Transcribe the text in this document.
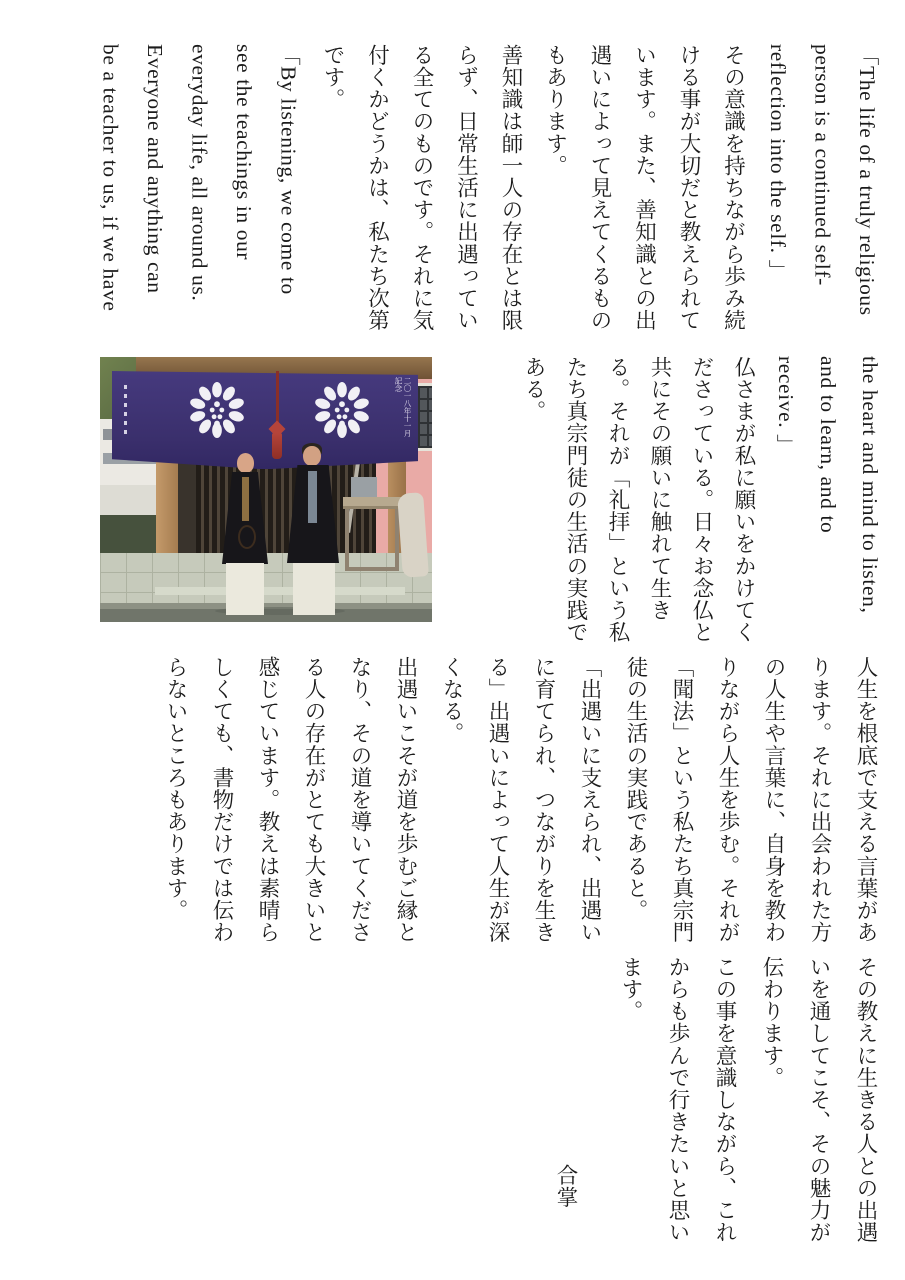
「The life of a truly religious

person is a continued self-

reflection into the self. 」

その意識を持ちながら歩み続

ける事が大切だと教えられて

います。また、善知識との出

遇いによって見えてくるもの

もあります。

善知識は師一人の存在とは限

らず、日常生活に出遇ってい

る全てのものです。それに気

付くかどうかは、私たち次第

です。

「By listening, we come to

see the teachings in our

everyday life, all around us.

Everyone and anything can

be a teacher to us, if we have

the heart and mind to listen,

and to learn, and to

receive. 」

仏さまが私に願いをかけてく

ださっている。日々お念仏と

共にその願いに触れて生き

る。それが「礼拝」という私

たち真宗門徒の生活の実践で

ある。

二〇一八年十一月

記念

人生を根底で支える言葉があ

ります。それに出会われた方

の人生や言葉に、自身を教わ

りながら人生を歩む。それが

「聞法」という私たち真宗門

徒の生活の実践であると。

「出遇いに支えられ、出遇い

に育てられ、つながりを生き

る」出遇いによって人生が深

くなる。

出遇いこそが道を歩むご縁と

なり、その道を導いてくださ

る人の存在がとても大きいと

感じています。教えは素晴ら

しくても、書物だけでは伝わ

らないところもあります。

その教えに生きる人との出遇

いを通してこそ、その魅力が

伝わります。

この事を意識しながら、これ

からも歩んで行きたいと思い

ます。

合掌
